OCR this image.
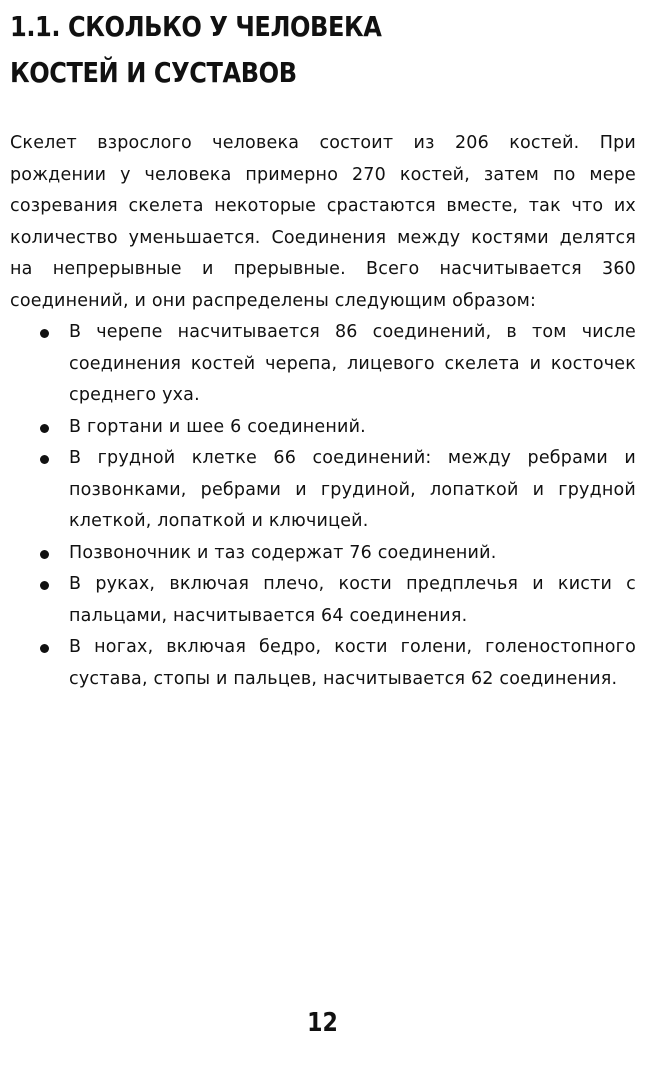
1.1. СКОЛЬКО У ЧЕЛОВЕКА
КОСТЕЙ И СУСТАВОВ

Скелет взрослого человека состоит из 206 костей. При рождении у человека примерно 270 костей, затем по мере созревания скелета некоторые срастаются вместе, так что их количество уменьшается. Соединения между костями делятся на непрерывные и прерывные. Всего насчитывается 360 соединений, и они распределены следующим образом:

В черепе насчитывается 86 соединений, в том числе соединения костей черепа, лицевого скелета и косточек среднего уха.
В гортани и шее 6 соединений.
В грудной клетке 66 соединений: между ребрами и позвонками, ребрами и грудиной, лопаткой и грудной клеткой, лопаткой и ключицей.
Позвоночник и таз содержат 76 соединений.
В руках, включая плечо, кости предплечья и кисти с пальцами, насчитывается 64 соединения.
В ногах, включая бедро, кости голени, голеностопного сустава, стопы и пальцев, насчитывается 62 соединения.
12
